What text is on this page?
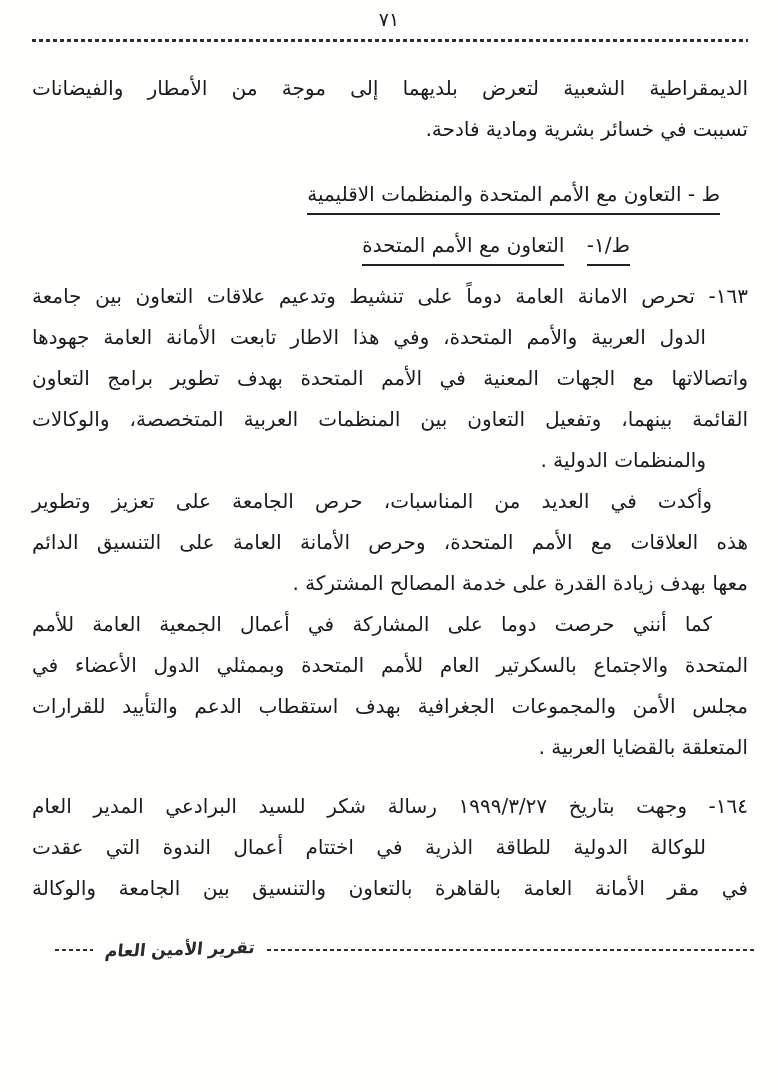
٧١
الديمقراطية الشعبية لتعرض بلديهما إلى موجة من الأمطار والفيضانات
تسببت في خسائر بشرية ومادية فادحة.
ط - التعاون مع الأمم المتحدة والمنظمات الاقليمية
ط/١- التعاون مع الأمم المتحدة
١٦٣- تحرص الامانة العامة دوماً على تنشيط وتدعيم علاقات التعاون بين جامعة
الدول العربية والأمم المتحدة، وفي هذا الاطار تابعت الأمانة العامة جهودها
واتصالاتها مع الجهات المعنية في الأمم المتحدة بهدف تطوير برامج التعاون
القائمة بينهما، وتفعيل التعاون بين المنظمات العربية المتخصصة، والوكالات
والمنظمات الدولية .
وأكدت في العديد من المناسبات، حرص الجامعة على تعزيز وتطوير
هذه العلاقات مع الأمم المتحدة، وحرص الأمانة العامة على التنسيق الدائم
معها بهدف زيادة القدرة على خدمة المصالح المشتركة .
كما أنني حرصت دوما على المشاركة في أعمال الجمعية العامة للأمم
المتحدة والاجتماع بالسكرتير العام للأمم المتحدة وبممثلي الدول الأعضاء في
مجلس الأمن والمجموعات الجغرافية بهدف استقطاب الدعم والتأييد للقرارات
المتعلقة بالقضايا العربية .
١٦٤- وجهت بتاريخ ١٩٩٩/٣/٢٧ رسالة شكر للسيد البرادعي المدير العام
للوكالة الدولية للطاقة الذرية في اختتام أعمال الندوة التي عقدت
في مقر الأمانة العامة بالقاهرة بالتعاون والتنسيق بين الجامعة والوكالة
تقرير الأمين العام
